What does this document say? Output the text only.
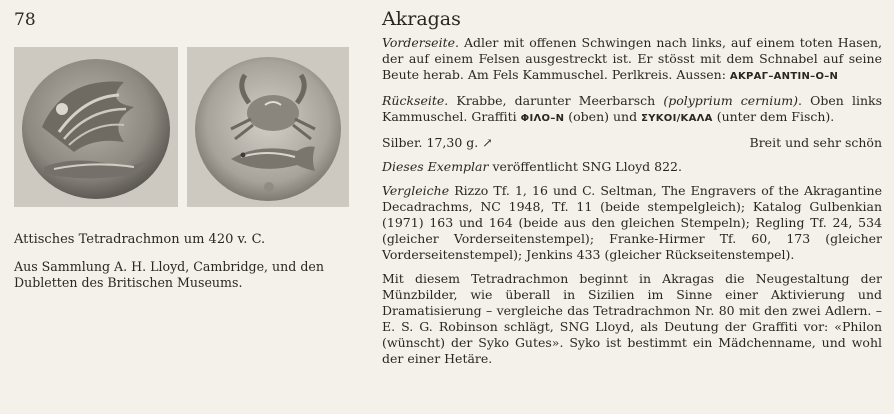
78
Attisches Tetradrachmon um 420 v. C.
Aus Sammlung A. H. Lloyd, Cambridge, und den Dubletten des Britischen Museums.
Akragas

Vorderseite. Adler mit offenen Schwingen nach links, auf einem toten Hasen, der auf einem Felsen ausgestreckt ist. Er stösst mit dem Schnabel auf seine Beute herab. Am Fels Kammuschel. Perlkreis. Aussen: ΑΚΡΑΓ–ΑΝΤΙΝ–Ο–Ν

Rückseite. Krabbe, darunter Meerbarsch (polyprium cernium). Oben links Kammuschel. Graffiti ΦΙΛΟ–Ν (oben) und ΣΥΚΟΙ/ΚΑΛΑ (unter dem Fisch).

Silber. 17,30 g. ↗	Breit und sehr schön

Dieses Exemplar veröffentlicht SNG Lloyd 822.

Vergleiche Rizzo Tf. 1, 16 und C. Seltman, The Engravers of the Akragantine Decadrachms, NC 1948, Tf. 11 (beide stempelgleich); Katalog Gulbenkian (1971) 163 und 164 (beide aus den gleichen Stempeln); Regling Tf. 24, 534 (gleicher Vorderseitenstempel); Franke-Hirmer Tf. 60, 173 (gleicher Vorderseitenstempel); Jenkins 433 (gleicher Rückseitenstempel).

Mit diesem Tetradrachmon beginnt in Akragas die Neugestaltung der Münzbilder, wie überall in Sizilien im Sinne einer Aktivierung und Dramatisierung – vergleiche das Tetradrachmon Nr. 80 mit den zwei Adlern. – E. S. G. Robinson schlägt, SNG Lloyd, als Deutung der Graffiti vor: «Philon (wünscht) der Syko Gutes». Syko ist bestimmt ein Mädchenname, und wohl der einer Hetäre.
